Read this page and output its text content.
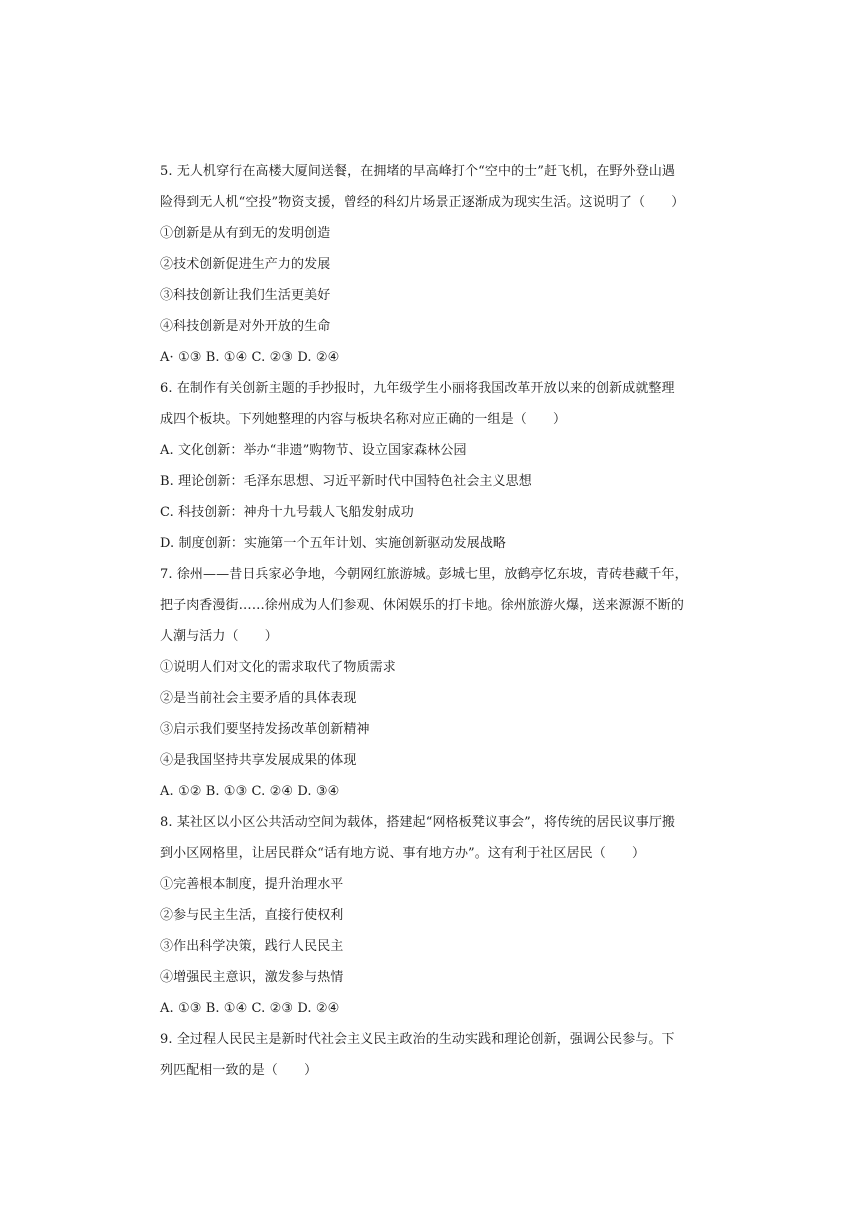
5. 无人机穿行在高楼大厦间送餐，在拥堵的早高峰打个“空中的士”赶飞机，在野外登山遇
险得到无人机“空投”物资支援，曾经的科幻片场景正逐渐成为现实生活。这说明了（　　）
①创新是从有到无的发明创造
②技术创新促进生产力的发展
③科技创新让我们生活更美好
④科技创新是对外开放的生命
A· ①③ B. ①④ C. ②③ D. ②④
6. 在制作有关创新主题的手抄报时，九年级学生小丽将我国改革开放以来的创新成就整理
成四个板块。下列她整理的内容与板块名称对应正确的一组是（　　）
A. 文化创新：举办“非遗”购物节、设立国家森林公园
B. 理论创新：毛泽东思想、习近平新时代中国特色社会主义思想
C. 科技创新：神舟十九号载人飞船发射成功
D. 制度创新：实施第一个五年计划、实施创新驱动发展战略
7. 徐州——昔日兵家必争地，今朝网红旅游城。彭城七里，放鹤亭忆东坡，青砖巷藏千年，
把子肉香漫街……徐州成为人们参观、休闲娱乐的打卡地。徐州旅游火爆，送来源源不断的
人潮与活力（　　）
①说明人们对文化的需求取代了物质需求
②是当前社会主要矛盾的具体表现
③启示我们要坚持发扬改革创新精神
④是我国坚持共享发展成果的体现
A. ①② B. ①③ C. ②④ D. ③④
8. 某社区以小区公共活动空间为载体，搭建起“网格板凳议事会”，将传统的居民议事厅搬
到小区网格里，让居民群众“话有地方说、事有地方办”。这有利于社区居民（　　）
①完善根本制度，提升治理水平
②参与民主生活，直接行使权利
③作出科学决策，践行人民民主
④增强民主意识，激发参与热情
A. ①③ B. ①④ C. ②③ D. ②④
9. 全过程人民民主是新时代社会主义民主政治的生动实践和理论创新，强调公民参与。下
列匹配相一致的是（　　）
